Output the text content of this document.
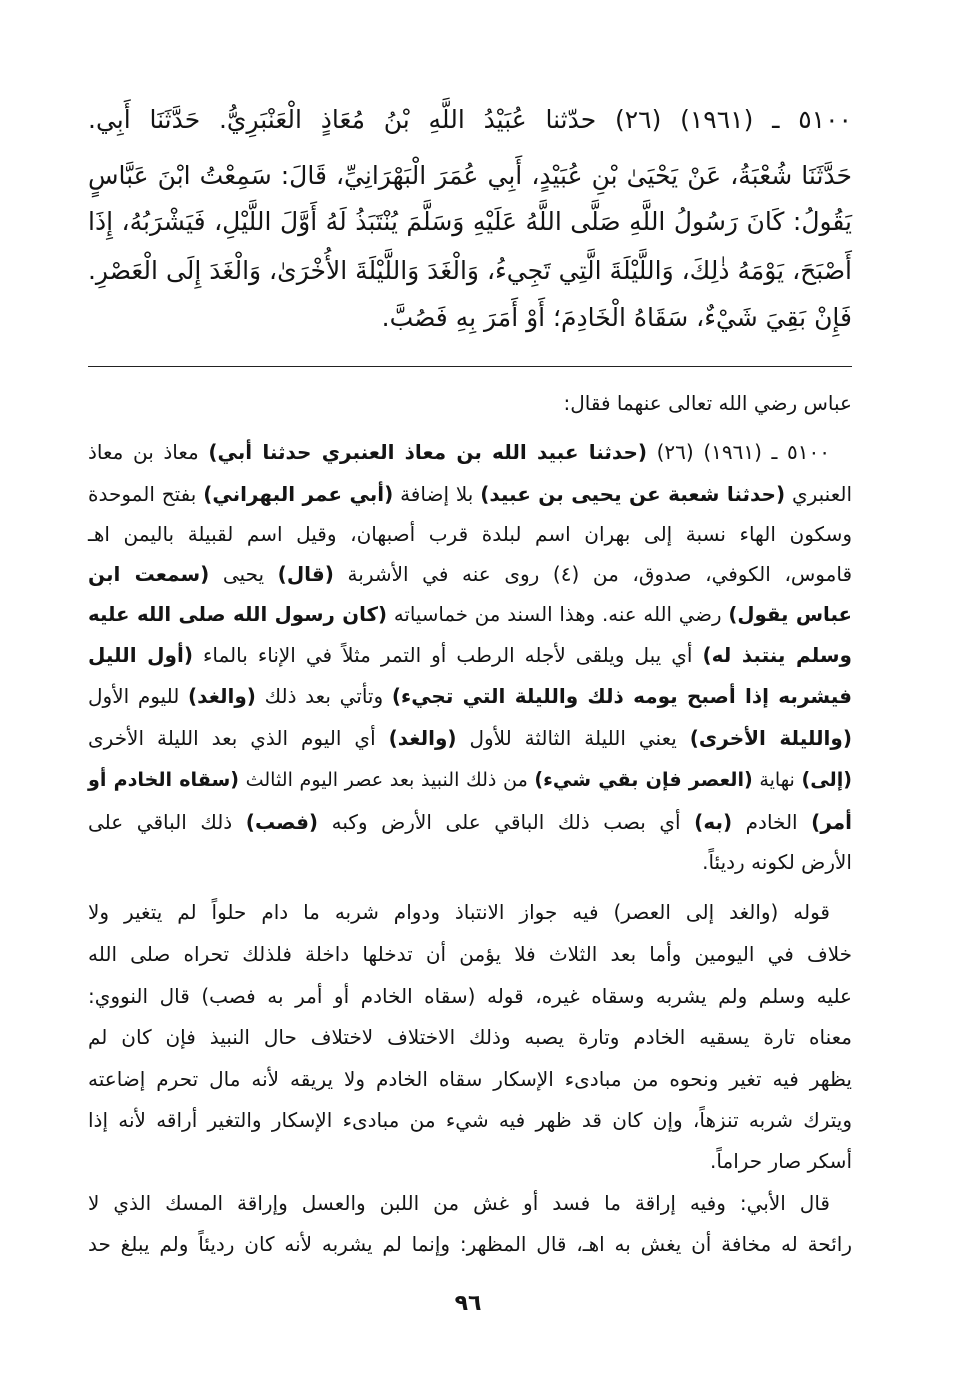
٥١٠٠ ـ (١٩٦١) (٢٦) حدّثنا عُبَيْدُ اللَّهِ بْنُ مُعَاذٍ الْعَنْبَرِيُّ. حَدَّثَنَا أَبِي.
حَدَّثَنَا شُعْبَةُ، عَنْ يَحْيَىٰ بْنِ عُبَيْدٍ، أَبِي عُمَرَ الْبَهْرَانِيِّ، قَالَ: سَمِعْتُ ابْنَ عَبَّاسٍ
يَقُولُ: كَانَ رَسُولُ اللَّهِ صَلَّى اللَّهُ عَلَيْهِ وَسَلَّمَ يُنْتَبَذُ لَهُ أَوَّلَ اللَّيْلِ، فَيَشْرَبُهُ، إِذَا
أَصْبَحَ، يَوْمَهُ ذٰلِكَ، وَاللَّيْلَةَ الَّتِي تَجِيءُ، وَالْغَدَ وَاللَّيْلَةَ الأُخْرَىٰ، وَالْغَدَ إِلَى الْعَصْرِ.
فَإِنْ بَقِيَ شَيْءٌ، سَقَاهُ الْخَادِمَ؛ أَوْ أَمَرَ بِهِ فَصُبَّ.
عباس رضي الله تعالى عنهما فقال:
٥١٠٠ ـ (١٩٦١) (٢٦) (حدثنا عبيد الله بن معاذ العنبري حدثنا أبي) معاذ بن معاذ
العنبري (حدثنا شعبة عن يحيى بن عبيد) بلا إضافة (أبي عمر البهراني) بفتح الموحدة
وسكون الهاء نسبة إلى بهران اسم لبلدة قرب أصبهان، وقيل اسم لقبيلة باليمن اهـ
قاموس، الكوفي، صدوق، من (٤) روى عنه في الأشربة (قال) يحيى (سمعت ابن
عباس يقول) رضي الله عنه. وهذا السند من خماسياته (كان رسول الله صلى الله عليه
وسلم ينتبذ له) أي يبل ويلقى لأجله الرطب أو التمر مثلاً في الإناء بالماء (أول الليل
فيشربه إذا أصبح يومه ذلك والليلة التي تجيء) وتأتي بعد ذلك (والغد) لليوم الأول
(والليلة الأخرى) يعني الليلة الثالثة للأول (والغد) أي اليوم الذي بعد الليلة الأخرى
(إلى) نهاية (العصر فإن بقي شيء) من ذلك النبيذ بعد عصر اليوم الثالث (سقاه الخادم أو
أمر) الخادم (به) أي بصب ذلك الباقي على الأرض وكبه (فصب) ذلك الباقي على
الأرض لكونه رديئاً.
قوله (والغد إلى العصر) فيه جواز الانتباذ ودوام شربه ما دام حلواً لم يتغير ولا
خلاف في اليومين وأما بعد الثلاث فلا يؤمن أن تدخلها داخلة فلذلك تحراه صلى الله
عليه وسلم ولم يشربه وسقاه غيره، قوله (سقاه الخادم أو أمر به فصب) قال النووي:
معناه تارة يسقيه الخادم وتارة يصبه وذلك الاختلاف لاختلاف حال النبيذ فإن كان لم
يظهر فيه تغير ونحوه من مبادىء الإسكار سقاه الخادم ولا يريقه لأنه مال تحرم إضاعته
ويترك شربه تنزهاً، وإن كان قد ظهر فيه شيء من مبادىء الإسكار والتغير أراقه لأنه إذا
أسكر صار حراماً.
قال الأبي: وفيه إراقة ما فسد أو غش من اللبن والعسل وإراقة المسك الذي لا
رائحة له مخافة أن يغش به اهـ، قال المظهر: وإنما لم يشربه لأنه كان رديئاً ولم يبلغ حد
٩٦
